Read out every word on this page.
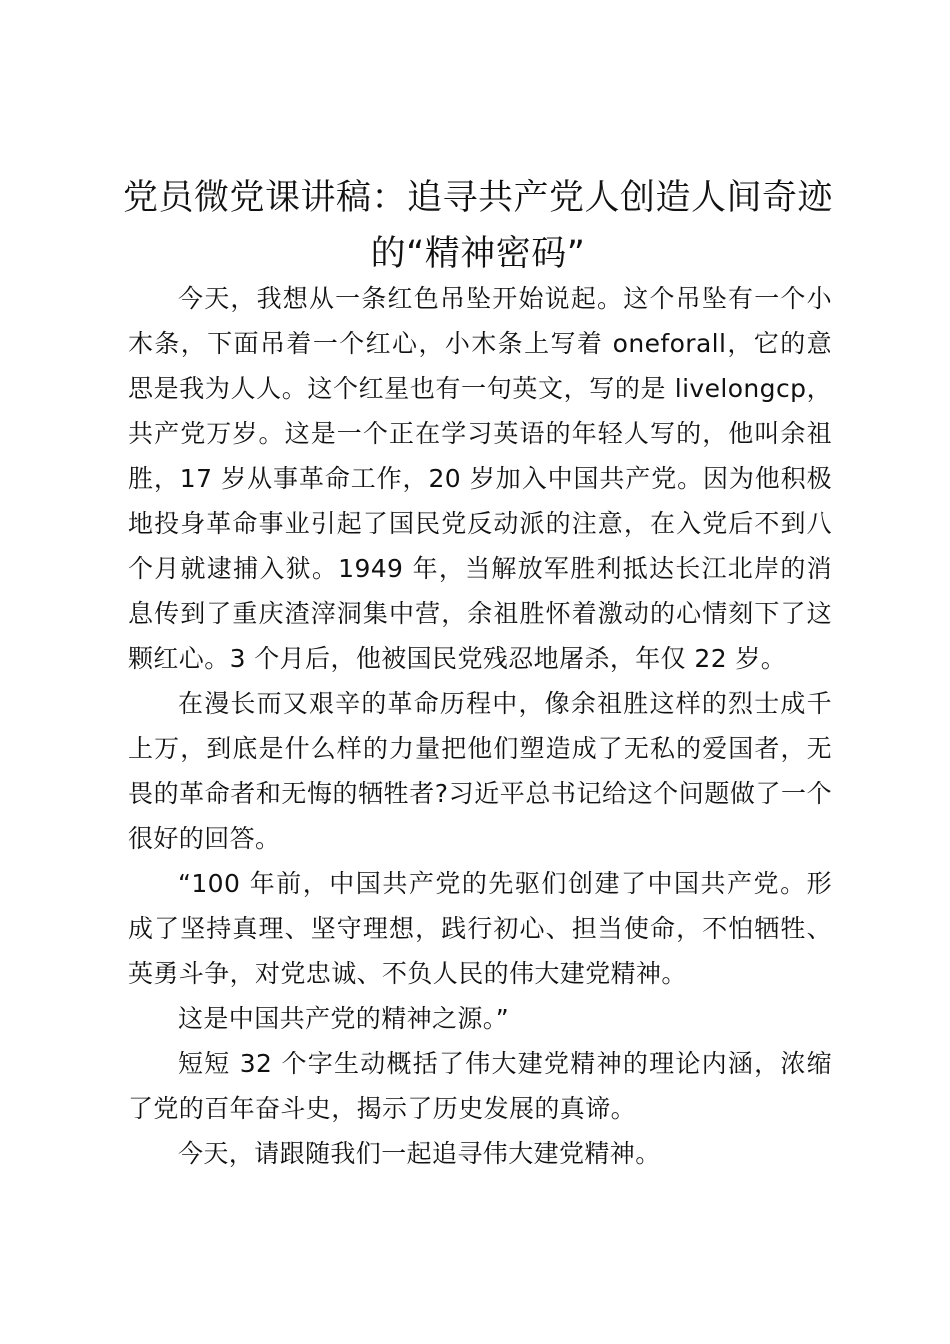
党员微党课讲稿：追寻共产党人创造人间奇迹的“精神密码”

今天，我想从一条红色吊坠开始说起。这个吊坠有一个小木条，下面吊着一个红心，小木条上写着 oneforall，它的意思是我为人人。这个红星也有一句英文，写的是 livelongcp，共产党万岁。这是一个正在学习英语的年轻人写的，他叫余祖胜，17 岁从事革命工作，20 岁加入中国共产党。因为他积极地投身革命事业引起了国民党反动派的注意，在入党后不到八个月就逮捕入狱。1949 年，当解放军胜利抵达长江北岸的消息传到了重庆渣滓洞集中营，余祖胜怀着激动的心情刻下了这颗红心。3 个月后，他被国民党残忍地屠杀，年仅 22 岁。

在漫长而又艰辛的革命历程中，像余祖胜这样的烈士成千上万，到底是什么样的力量把他们塑造成了无私的爱国者，无畏的革命者和无悔的牺牲者?习近平总书记给这个问题做了一个很好的回答。

“100 年前，中国共产党的先驱们创建了中国共产党。形成了坚持真理、坚守理想，践行初心、担当使命，不怕牺牲、英勇斗争，对党忠诚、不负人民的伟大建党精神。

这是中国共产党的精神之源。”

短短 32 个字生动概括了伟大建党精神的理论内涵，浓缩了党的百年奋斗史，揭示了历史发展的真谛。

今天，请跟随我们一起追寻伟大建党精神。
